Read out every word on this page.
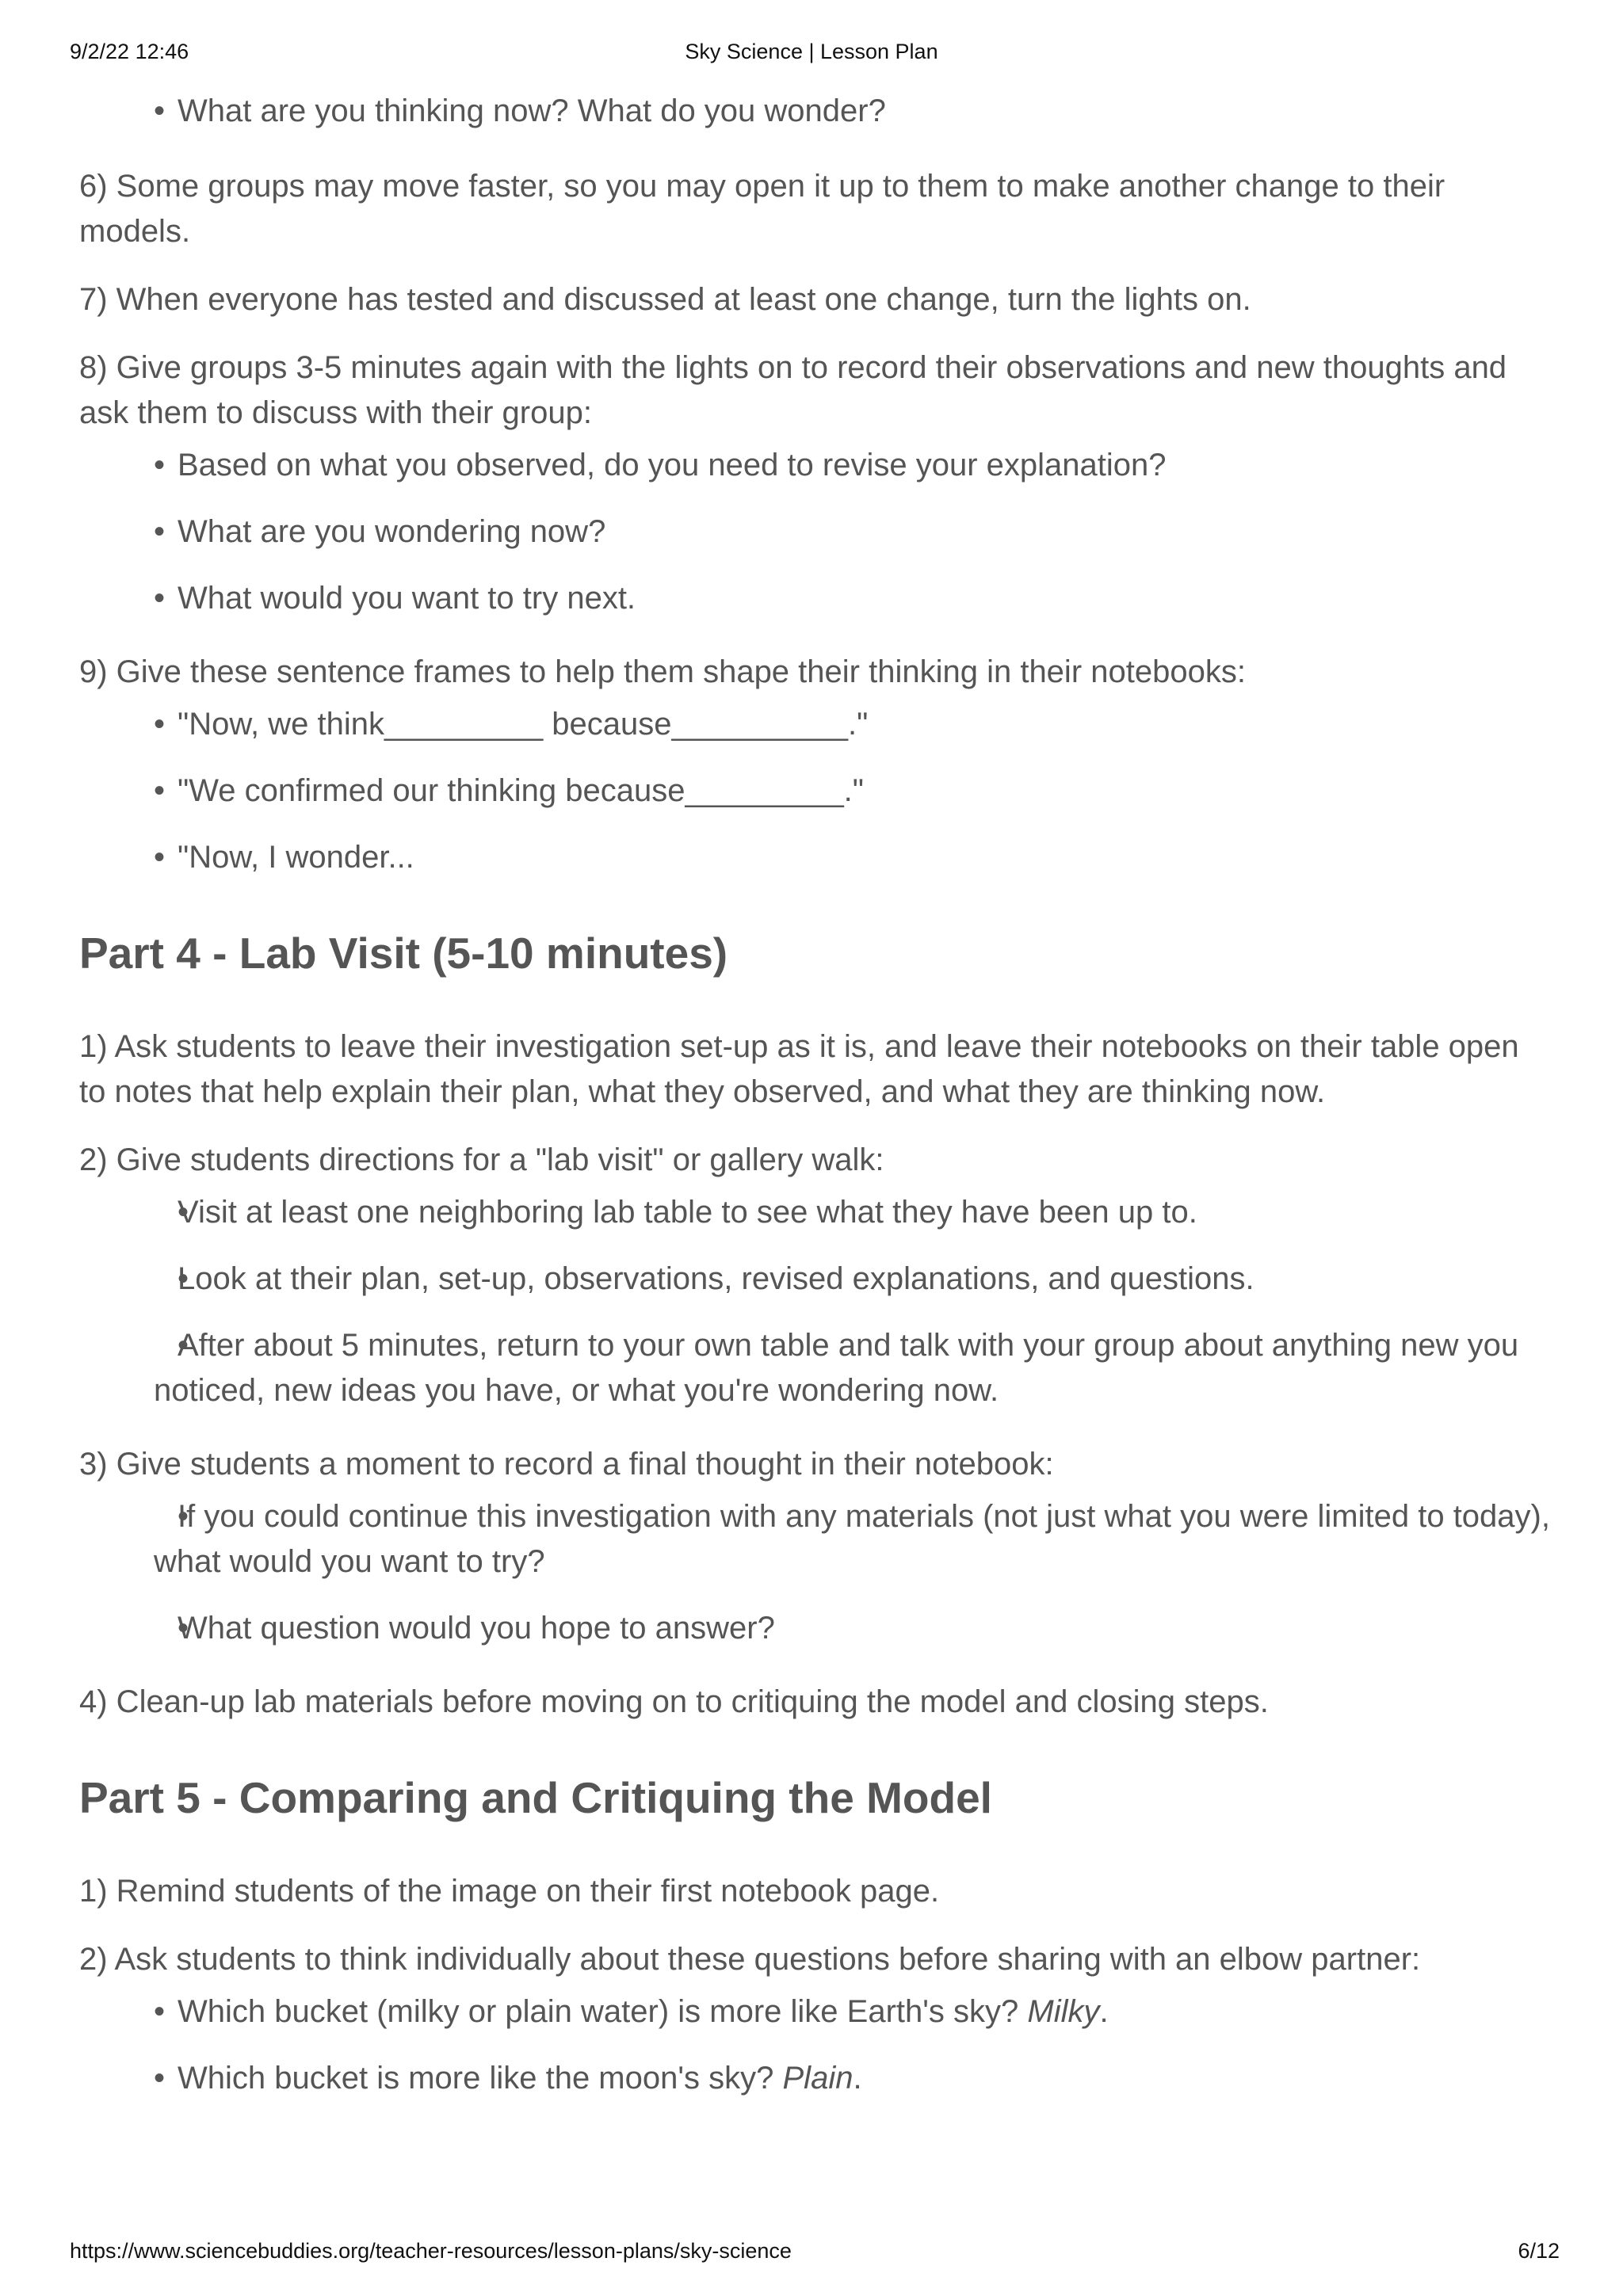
9/2/22 12:46	Sky Science | Lesson Plan
• What are you thinking now? What do you wonder?

6) Some groups may move faster, so you may open it up to them to make another change to their models.

7) When everyone has tested and discussed at least one change, turn the lights on.

8) Give groups 3-5 minutes again with the lights on to record their observations and new thoughts and ask them to discuss with their group:

• Based on what you observed, do you need to revise your explanation?
• What are you wondering now?
• What would you want to try next.

9) Give these sentence frames to help them shape their thinking in their notebooks:

• "Now, we think_________ because__________."
• "We confirmed our thinking because_________."
• "Now, I wonder...
Part 4 - Lab Visit (5-10 minutes)

1) Ask students to leave their investigation set-up as it is, and leave their notebooks on their table open to notes that help explain their plan, what they observed, and what they are thinking now.

2) Give students directions for a "lab visit" or gallery walk:

• Visit at least one neighboring lab table to see what they have been up to.
• Look at their plan, set-up, observations, revised explanations, and questions.
• After about 5 minutes, return to your own table and talk with your group about anything new you noticed, new ideas you have, or what you're wondering now.

3) Give students a moment to record a final thought in their notebook:

• If you could continue this investigation with any materials (not just what you were limited to today), what would you want to try?
• What question would you hope to answer?

4) Clean-up lab materials before moving on to critiquing the model and closing steps.

Part 5 - Comparing and Critiquing the Model

1) Remind students of the image on their first notebook page.

2) Ask students to think individually about these questions before sharing with an elbow partner:

• Which bucket (milky or plain water) is more like Earth's sky? Milky.
• Which bucket is more like the moon's sky? Plain.
https://www.sciencebuddies.org/teacher-resources/lesson-plans/sky-science	6/12
